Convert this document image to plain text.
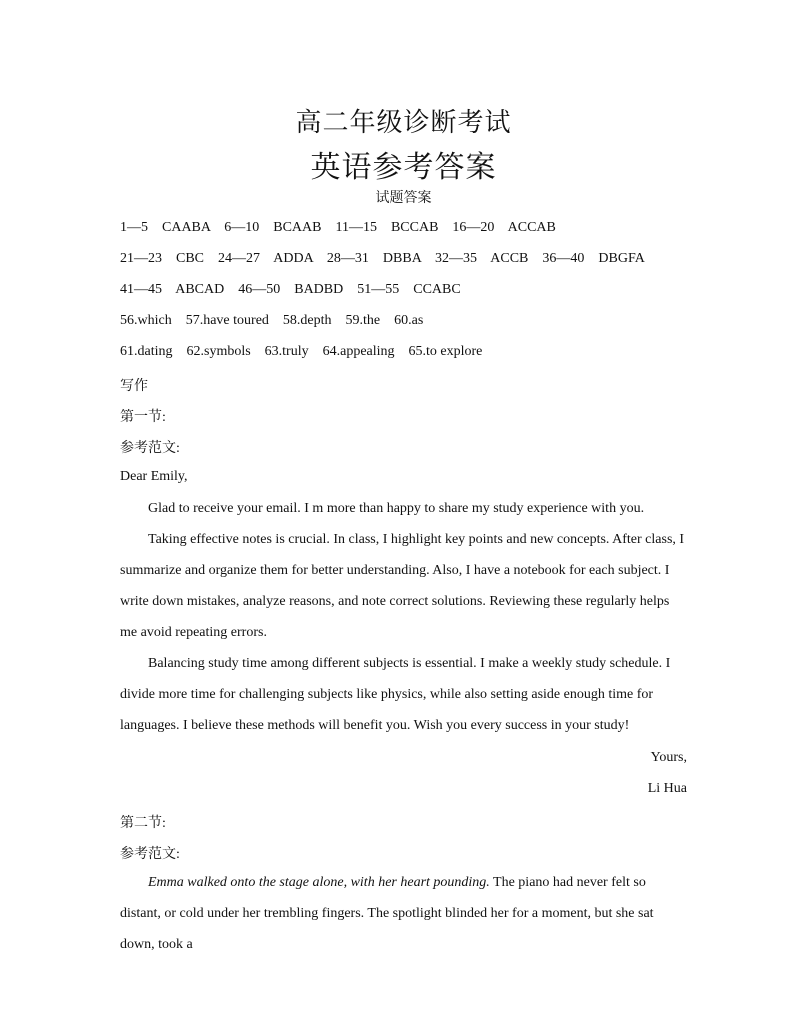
高二年级诊断考试
英语参考答案
试题答案
1—5    CAABA    6—10    BCAAB    11—15    BCCAB    16—20    ACCAB
21—23    CBC    24—27    ADDA    28—31    DBBA    32—35    ACCB    36—40    DBGFA
41—45    ABCAD    46—50    BADBD    51—55    CCABC
56.which    57.have toured    58.depth    59.the    60.as
61.dating    62.symbols    63.truly    64.appealing    65.to explore
写作
第一节:
参考范文:
Dear Emily,

Glad to receive your email. I m more than happy to share my study experience with you.

Taking effective notes is crucial. In class, I highlight key points and new concepts. After class, I summarize and organize them for better understanding. Also, I have a notebook for each subject. I write down mistakes, analyze reasons, and note correct solutions. Reviewing these regularly helps me avoid repeating errors.

Balancing study time among different subjects is essential. I make a weekly study schedule. I divide more time for challenging subjects like physics, while also setting aside enough time for languages. I believe these methods will benefit you. Wish you every success in your study!

Yours,
Li Hua
第二节:
参考范文:

Emma walked onto the stage alone, with her heart pounding. The piano had never felt so distant, or cold under her trembling fingers. The spotlight blinded her for a moment, but she sat down, took a
